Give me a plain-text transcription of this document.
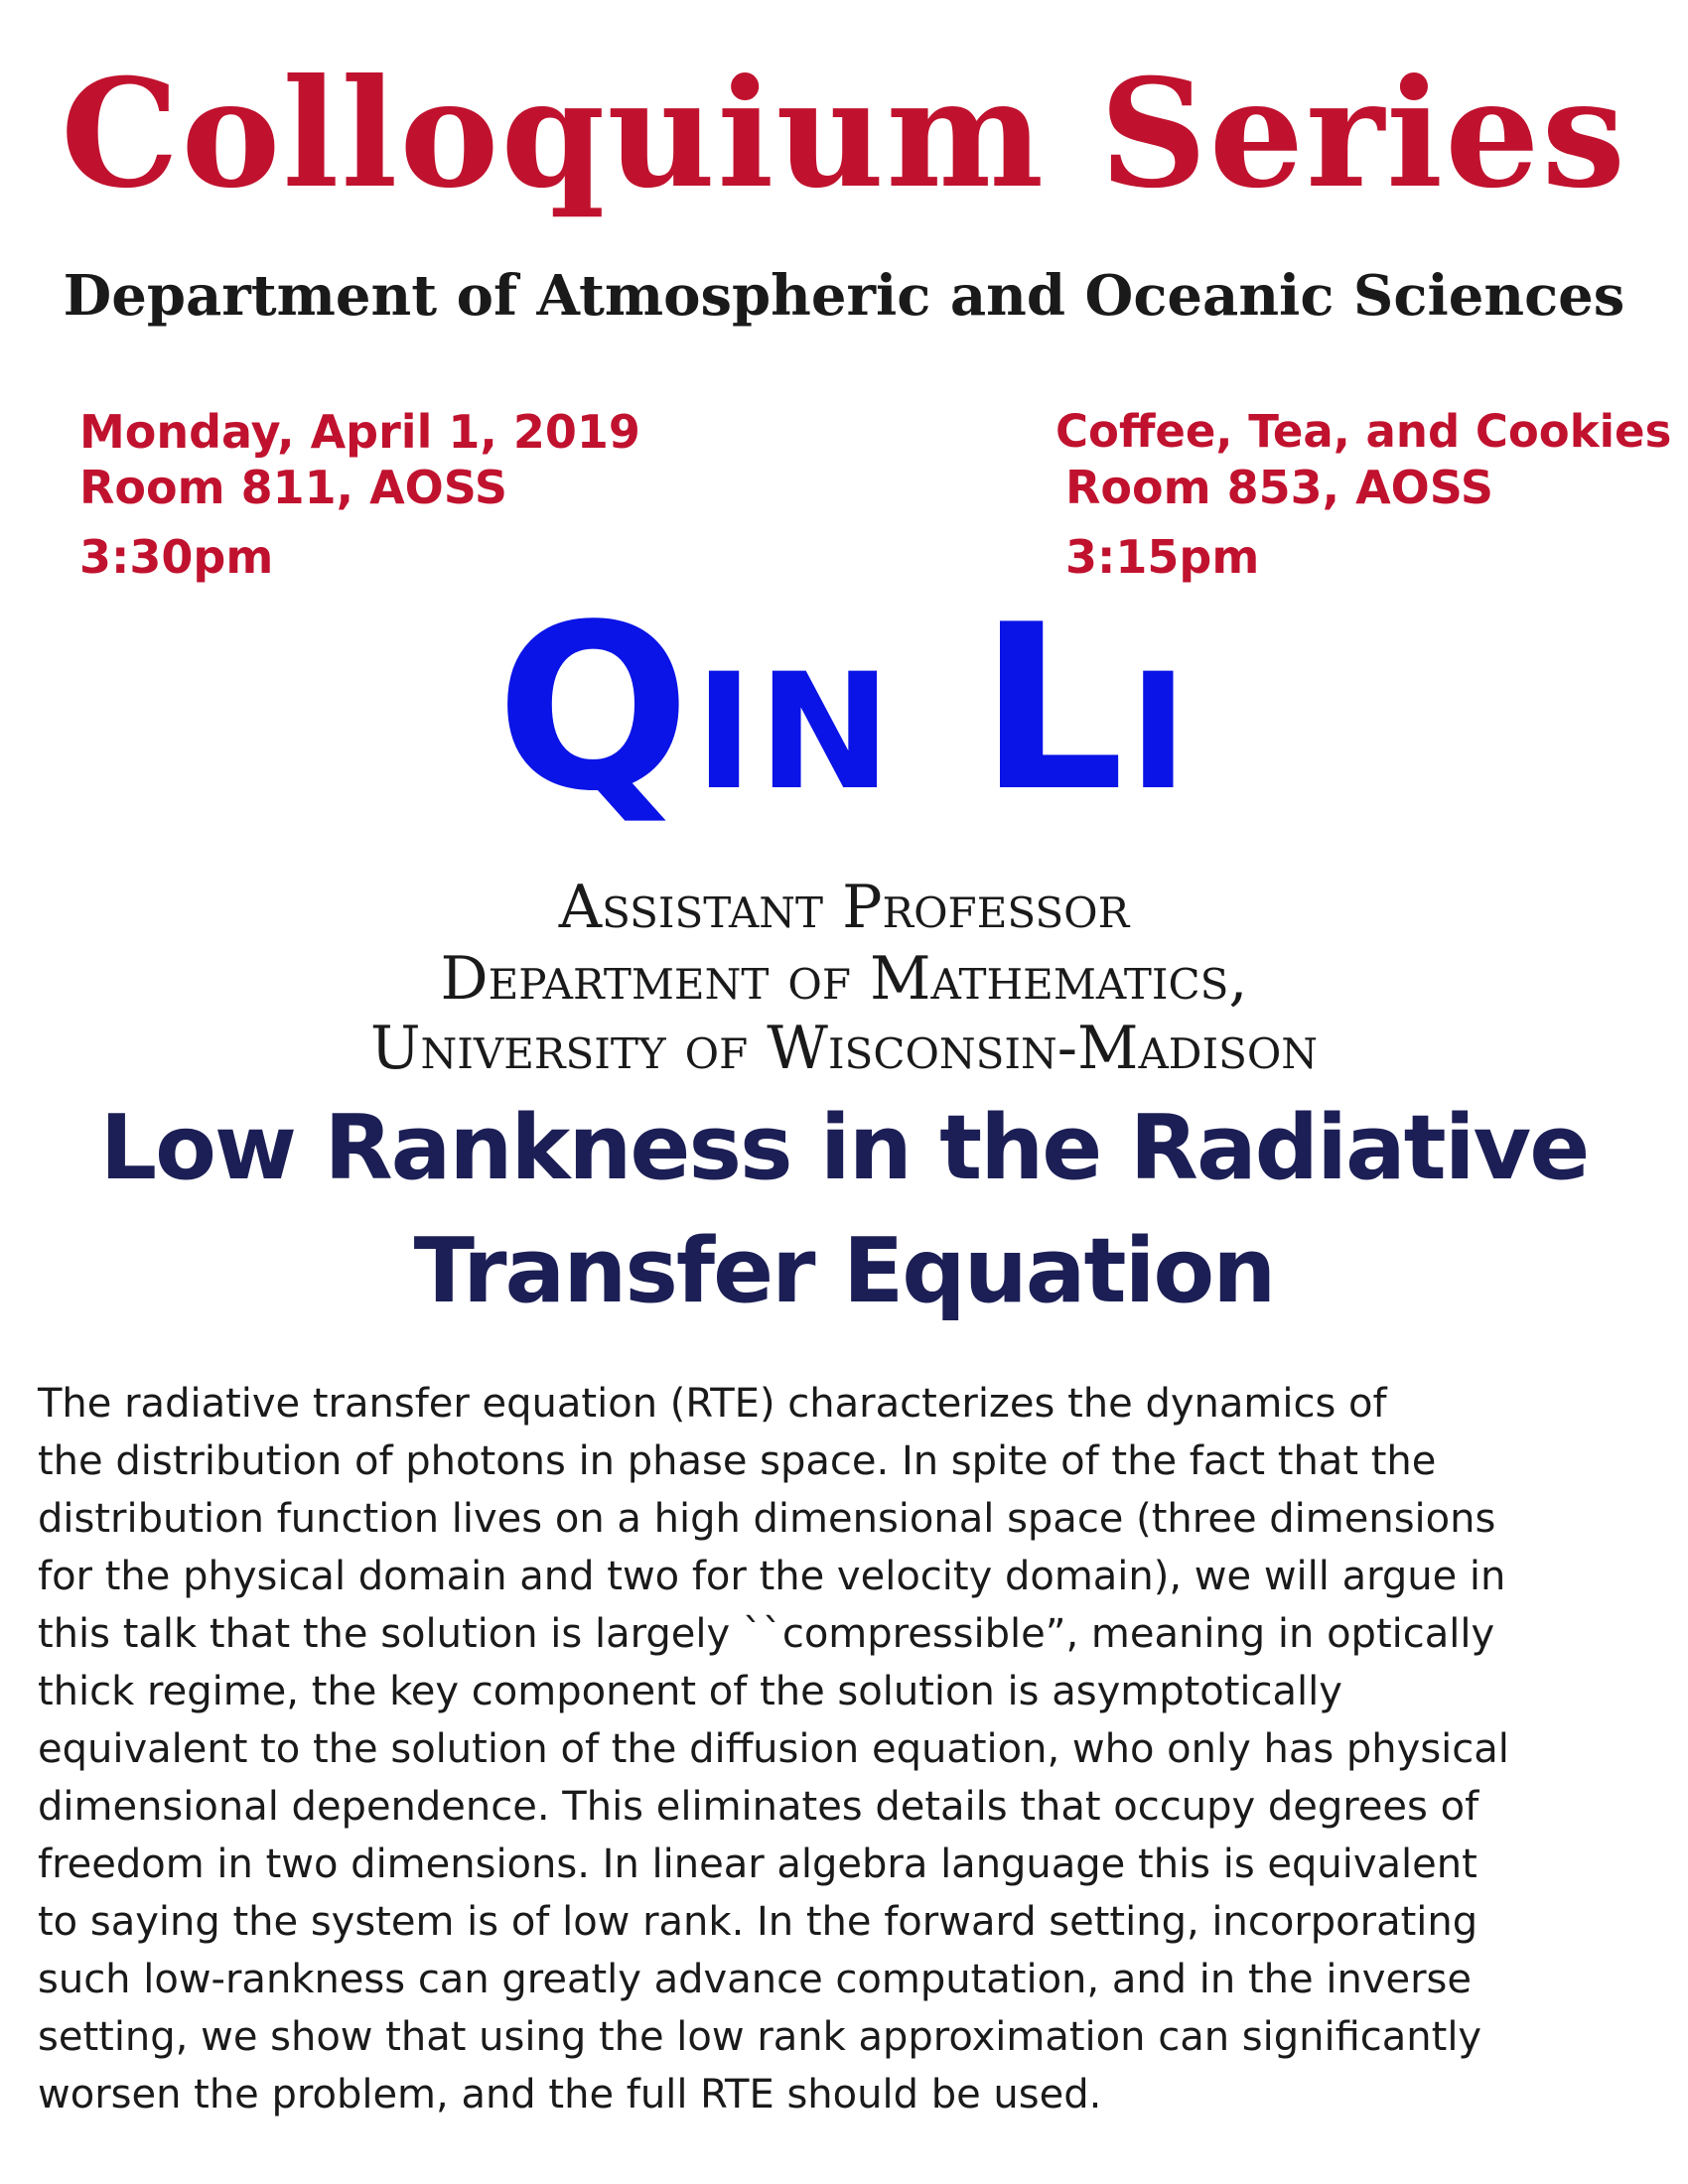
Colloquium Series
Department of Atmospheric and Oceanic Sciences
Monday, April 1, 2019
Room 811, AOSS
3:30pm
Coffee, Tea, and Cookies
Room 853, AOSS
3:15pm
Qin Li
Assistant Professor
Department of Mathematics,
University of Wisconsin-Madison
Low Rankness in the Radiative
Transfer Equation
The radiative transfer equation (RTE) characterizes the dynamics of
the distribution of photons in phase space. In spite of the fact that the
distribution function lives on a high dimensional space (three dimensions
for the physical domain and two for the velocity domain), we will argue in
this talk that the solution is largely ``compressible”, meaning in optically
thick regime, the key component of the solution is asymptotically
equivalent to the solution of the diffusion equation, who only has physical
dimensional dependence. This eliminates details that occupy degrees of
freedom in two dimensions. In linear algebra language this is equivalent
to saying the system is of low rank. In the forward setting, incorporating
such low-rankness can greatly advance computation, and in the inverse
setting, we show that using the low rank approximation can significantly
worsen the problem, and the full RTE should be used.
